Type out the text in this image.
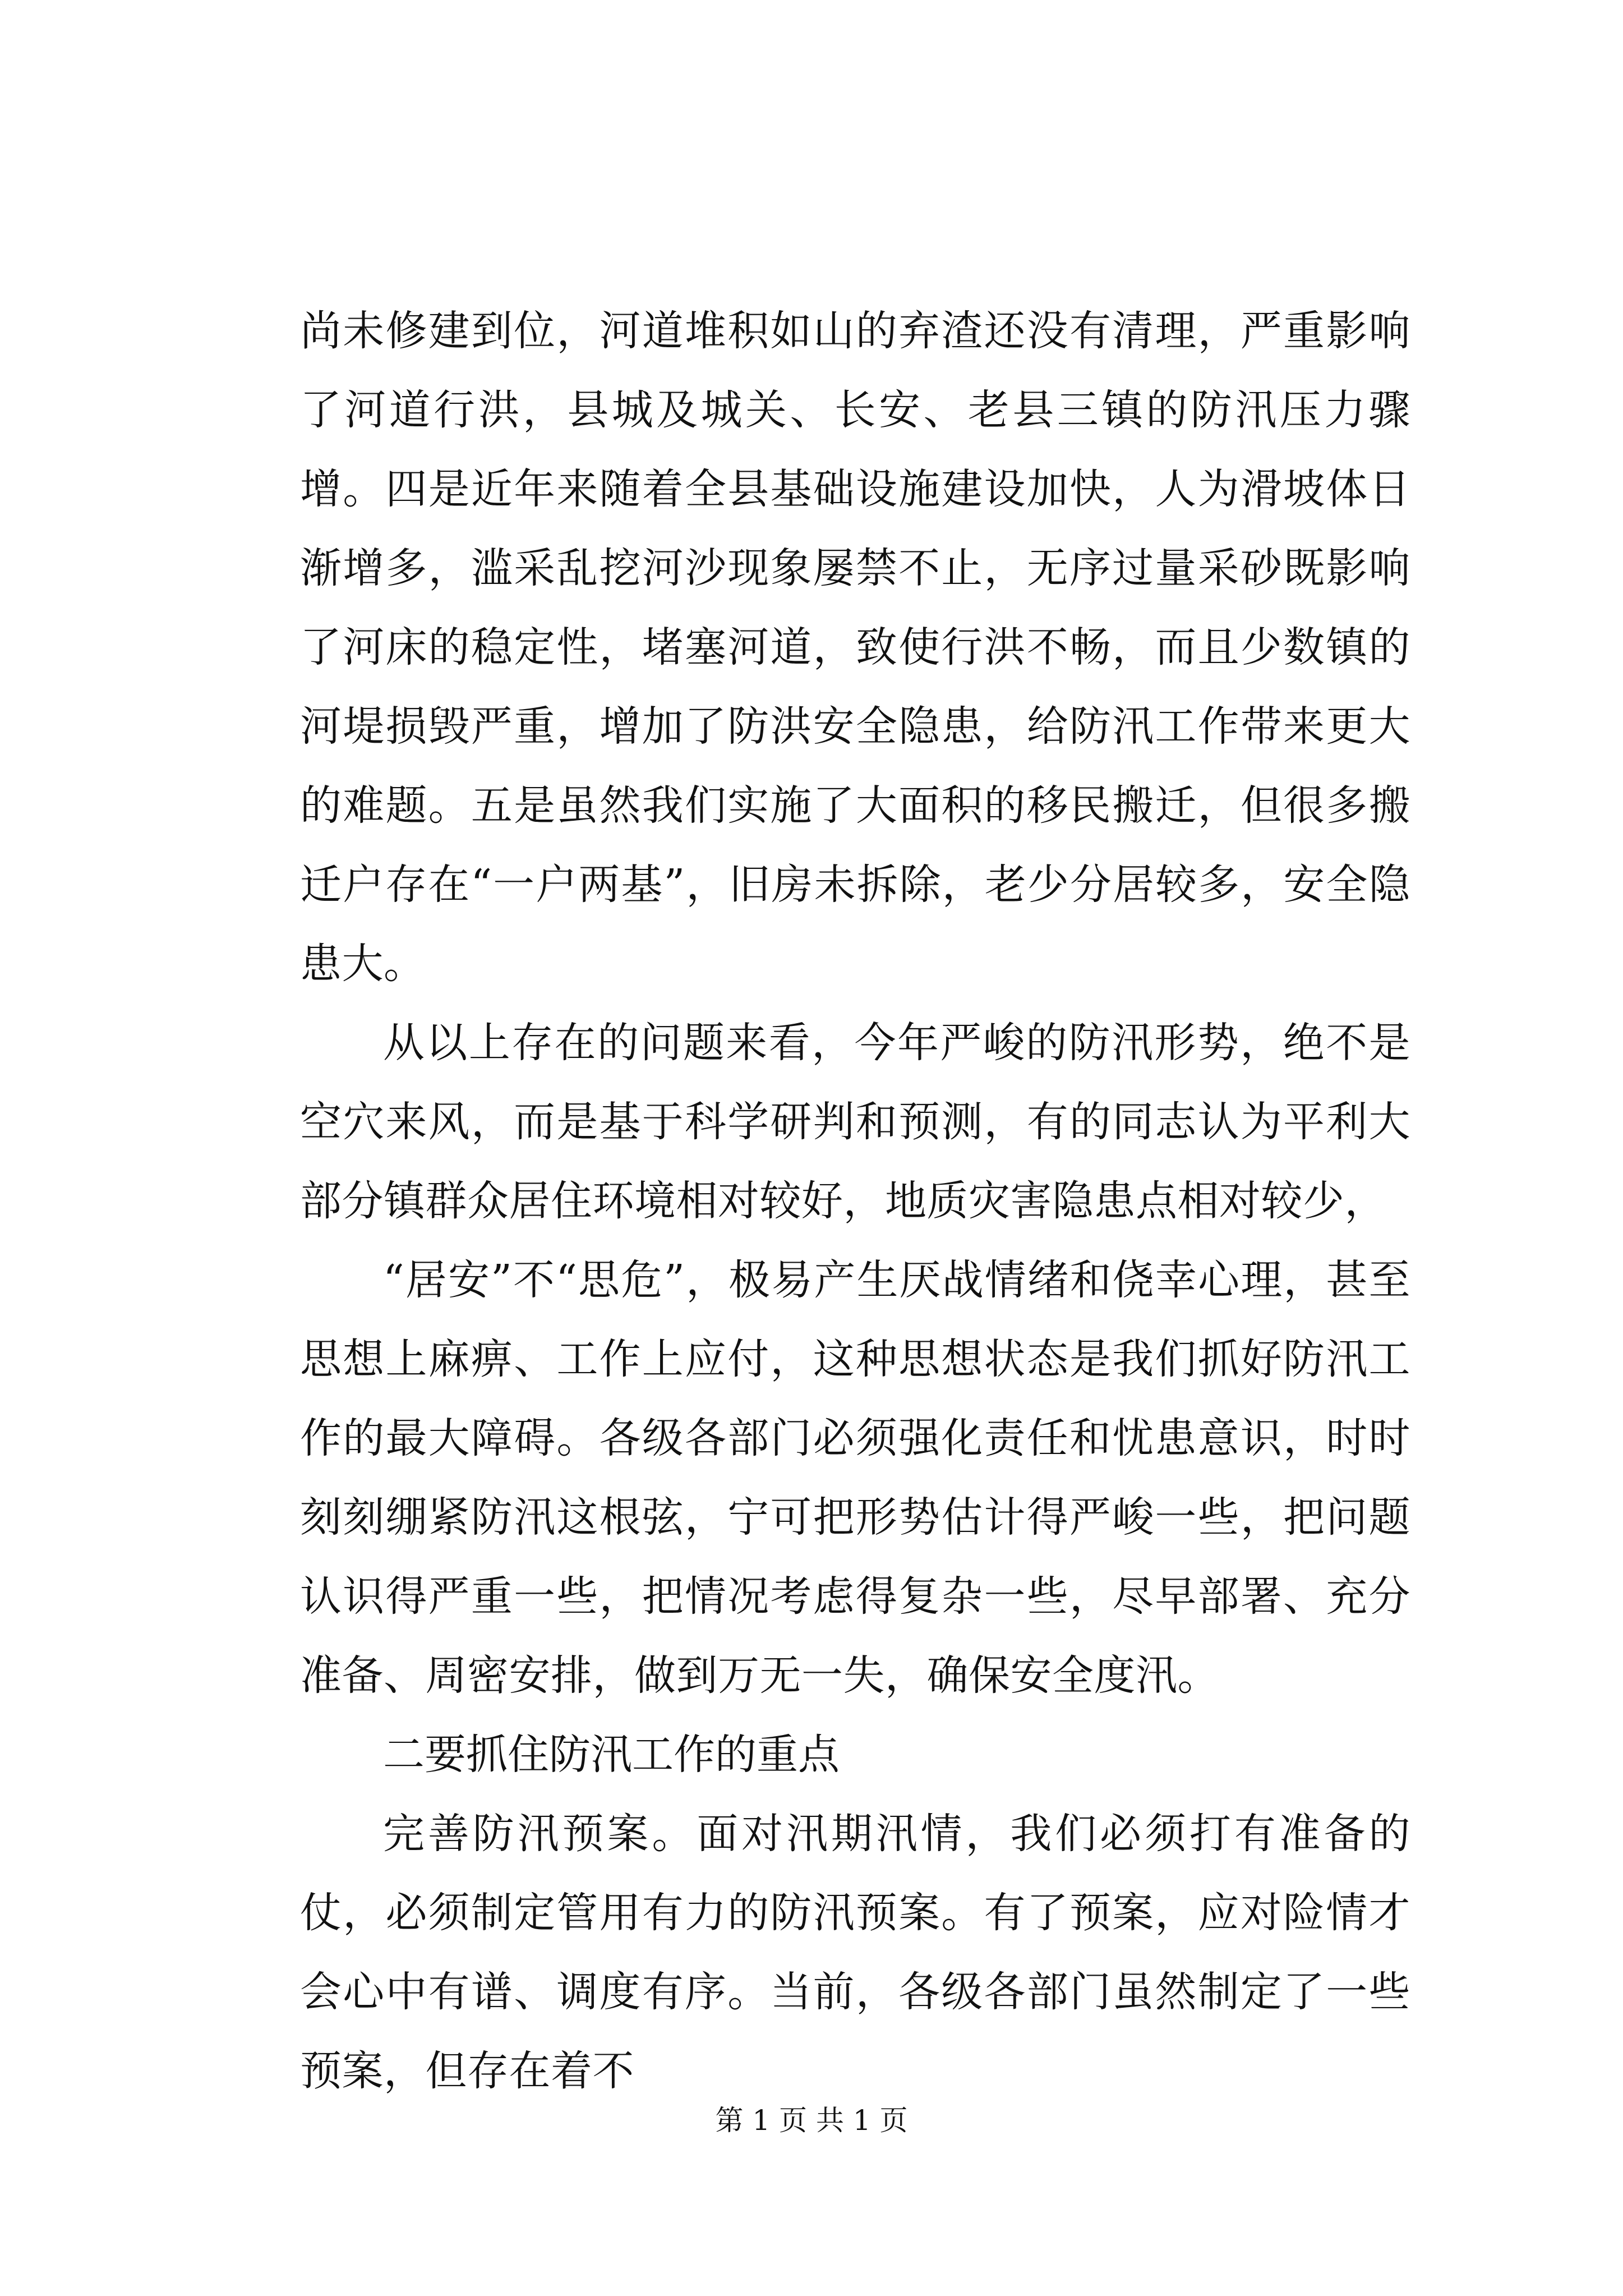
尚未修建到位，河道堆积如山的弃渣还没有清理，严重影响了河道行洪，县城及城关、长安、老县三镇的防汛压力骤增。四是近年来随着全县基础设施建设加快，人为滑坡体日渐增多，滥采乱挖河沙现象屡禁不止，无序过量采砂既影响了河床的稳定性，堵塞河道，致使行洪不畅，而且少数镇的河堤损毁严重，增加了防洪安全隐患，给防汛工作带来更大的难题。五是虽然我们实施了大面积的移民搬迁，但很多搬迁户存在“一户两基”，旧房未拆除，老少分居较多，安全隐患大。

从以上存在的问题来看，今年严峻的防汛形势，绝不是空穴来风，而是基于科学研判和预测，有的同志认为平利大部分镇群众居住环境相对较好，地质灾害隐患点相对较少，

“居安”不“思危”，极易产生厌战情绪和侥幸心理，甚至思想上麻痹、工作上应付，这种思想状态是我们抓好防汛工作的最大障碍。各级各部门必须强化责任和忧患意识，时时刻刻绷紧防汛这根弦，宁可把形势估计得严峻一些，把问题认识得严重一些，把情况考虑得复杂一些，尽早部署、充分准备、周密安排，做到万无一失，确保安全度汛。

二要抓住防汛工作的重点

完善防汛预案。面对汛期汛情，我们必须打有准备的仗，必须制定管用有力的防汛预案。有了预案，应对险情才会心中有谱、调度有序。当前，各级各部门虽然制定了一些预案，但存在着不

第 1 页 共 1 页
